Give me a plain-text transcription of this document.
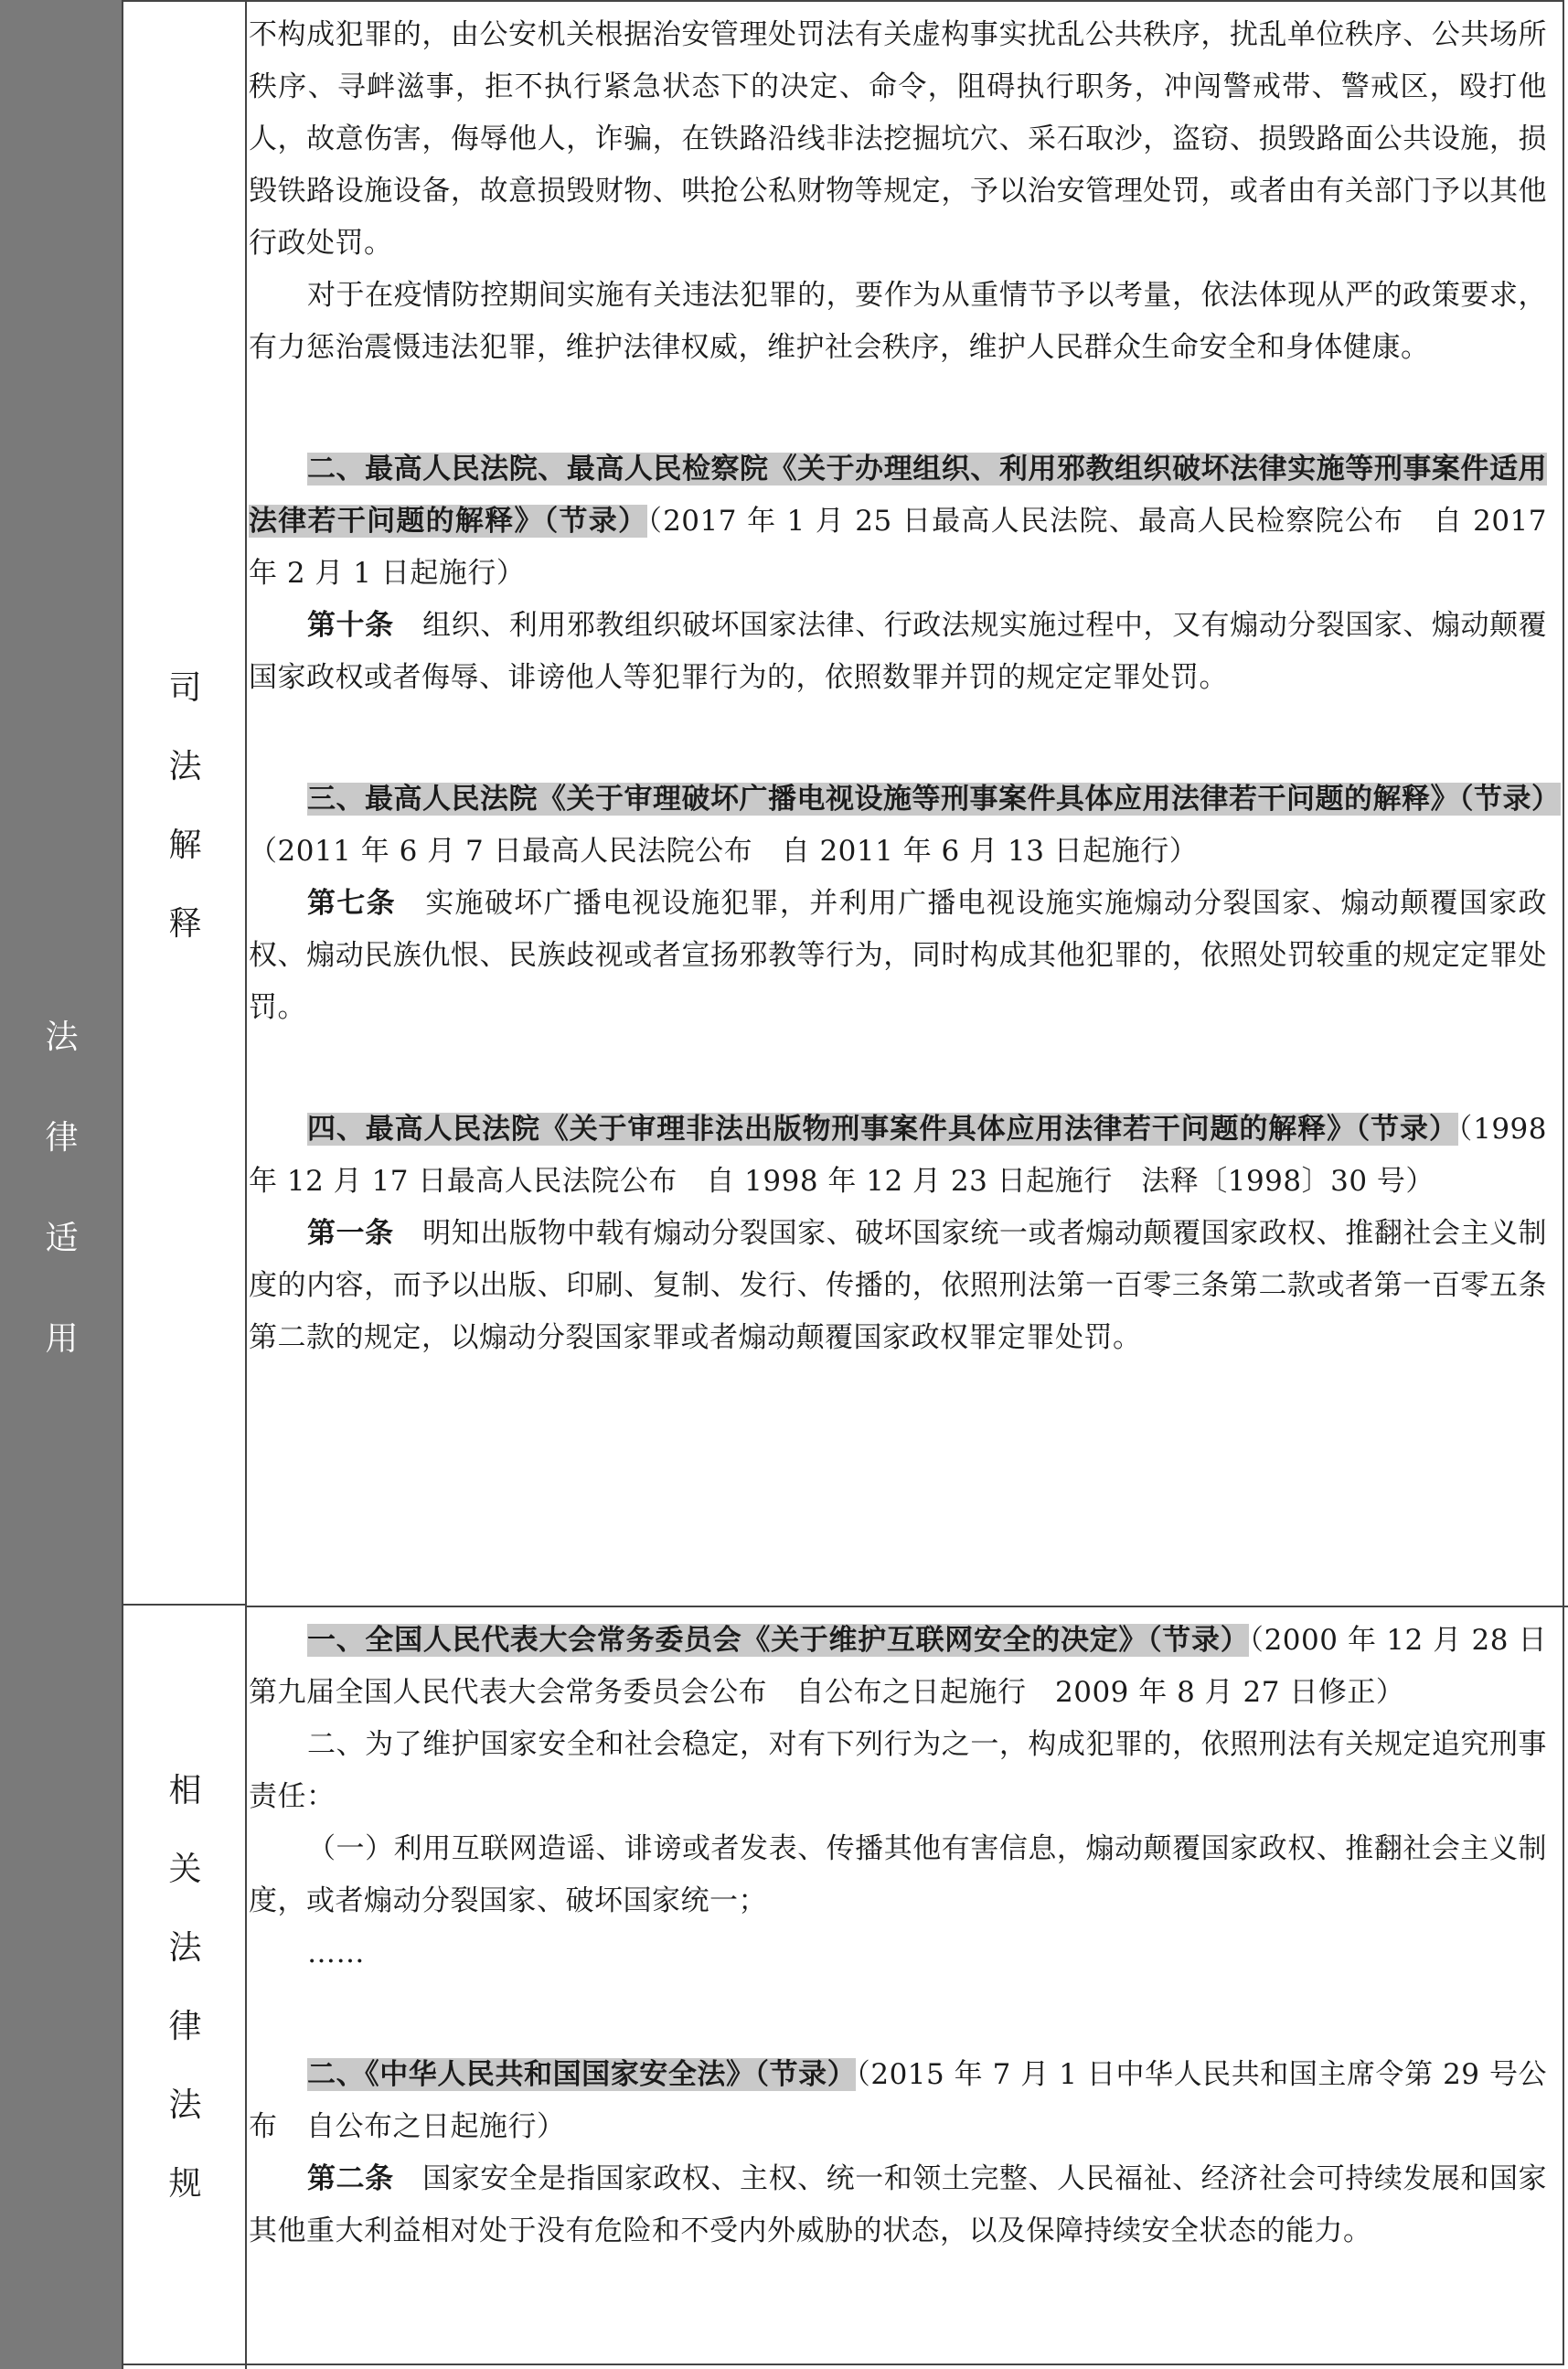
法
律
适
用
司
法
解
释
相
关
法
律
法
规

不构成犯罪的，由公安机关根据治安管理处罚法有关虚构事实扰乱公共秩序，扰乱单位秩序、公共场所秩序、寻衅滋事，拒不执行紧急状态下的决定、命令，阻碍执行职务，冲闯警戒带、警戒区，殴打他人，故意伤害，侮辱他人，诈骗，在铁路沿线非法挖掘坑穴、采石取沙，盗窃、损毁路面公共设施，损毁铁路设施设备，故意损毁财物、哄抢公私财物等规定，予以治安管理处罚，或者由有关部门予以其他行政处罚。

对于在疫情防控期间实施有关违法犯罪的，要作为从重情节予以考量，依法体现从严的政策要求，有力惩治震慑违法犯罪，维护法律权威，维护社会秩序，维护人民群众生命安全和身体健康。

二、最高人民法院、最高人民检察院《关于办理组织、利用邪教组织破坏法律实施等刑事案件适用法律若干问题的解释》（节录）（2017 年 1 月 25 日最高人民法院、最高人民检察院公布　自 2017 年 2 月 1 日起施行）

第十条　 组织、利用邪教组织破坏国家法律、行政法规实施过程中，又有煽动分裂国家、煽动颠覆国家政权或者侮辱、诽谤他人等犯罪行为的，依照数罪并罚的规定定罪处罚。

三、最高人民法院《关于审理破坏广播电视设施等刑事案件具体应用法律若干问题的解释》（节录）（2011 年 6 月 7 日最高人民法院公布　自 2011 年 6 月 13 日起施行）

第七条　 实施破坏广播电视设施犯罪，并利用广播电视设施实施煽动分裂国家、煽动颠覆国家政权、煽动民族仇恨、民族歧视或者宣扬邪教等行为，同时构成其他犯罪的，依照处罚较重的规定定罪处罚。

四、最高人民法院《关于审理非法出版物刑事案件具体应用法律若干问题的解释》（节录）（1998 年 12 月 17 日最高人民法院公布　自 1998 年 12 月 23 日起施行　法释〔1998〕30 号）

第一条　 明知出版物中载有煽动分裂国家、破坏国家统一或者煽动颠覆国家政权、推翻社会主义制度的内容，而予以出版、印刷、复制、发行、传播的，依照刑法第一百零三条第二款或者第一百零五条第二款的规定，以煽动分裂国家罪或者煽动颠覆国家政权罪定罪处罚。

一、全国人民代表大会常务委员会《关于维护互联网安全的决定》（节录）（2000 年 12 月 28 日第九届全国人民代表大会常务委员会公布　自公布之日起施行　2009 年 8 月 27 日修正）

二、为了维护国家安全和社会稳定，对有下列行为之一，构成犯罪的，依照刑法有关规定追究刑事责任：

（一）利用互联网造谣、诽谤或者发表、传播其他有害信息，煽动颠覆国家政权、推翻社会主义制度，或者煽动分裂国家、破坏国家统一；

……

二、《中华人民共和国国家安全法》（节录）（2015 年 7 月 1 日中华人民共和国主席令第 29 号公布　自公布之日起施行）

第二条　 国家安全是指国家政权、主权、统一和领土完整、人民福祉、经济社会可持续发展和国家其他重大利益相对处于没有危险和不受内外威胁的状态，以及保障持续安全状态的能力。
